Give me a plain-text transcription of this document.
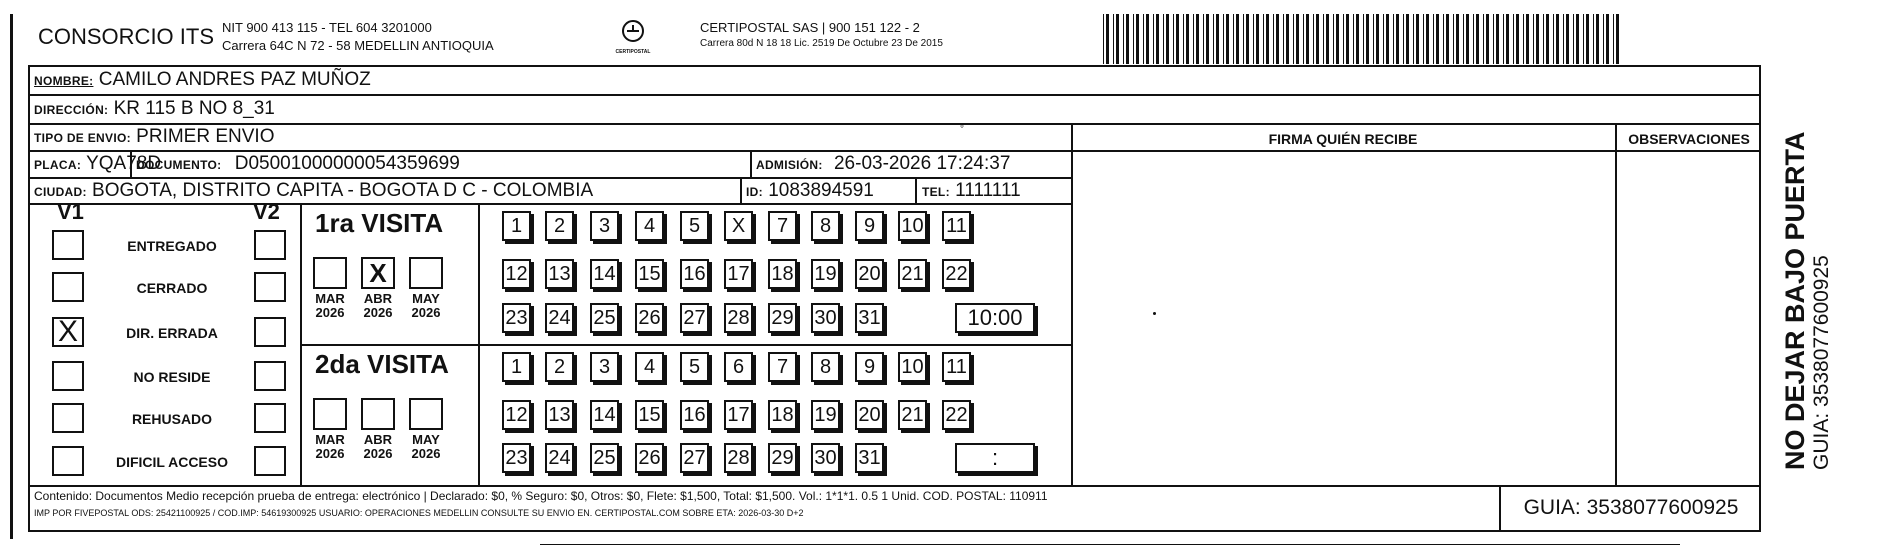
CONSORCIO ITS NIT 900 413 115 - TEL 604 3201000
Carrera 64C N 72 - 58 MEDELLIN ANTIOQUIA	CERTIPOSTAL
CERTIPOSTAL SAS | 900 151 122 - 2
Carrera 80d N 18 18 Lic. 2519 De Octubre 23 De 2015
NOMBRE: CAMILO ANDRES PAZ MUÑOZ
DIRECCIÓN: KR 115 B NO 8_31
TIPO DE ENVIO: PRIMER ENVIO
PLACA: YQA78D
DOCUMENTO: D05001000000054359699	ADMISIÓN: 26-03-2026 17:24:37
CIUDAD: BOGOTA, DISTRITO CAPITA - BOGOTA D C - COLOMBIA	ID: 1083894591	TEL: 1111111
°
FIRMA QUIÉN RECIBE	OBSERVACIONES
V1	V2
ENTREGADO
CERRADO
X	DIR. ERRADA
NO RESIDE
REHUSADO
DIFICIL ACCESO
1ra VISITA
2da VISITA
MAR
2026
X
ABR
2026
MAY
2026
MAR
2026
ABR
2026
MAY
2026
1	2	3	4	5	X	7	8	9	10 11
12 13 14 15 16 17 18 19 20 21 22
23 24 25 26 27 28 29 30 31	10:00
1	2	3	4	5	6	7	8	9	10 11
12 13 14 15 16 17 18 19 20 21 22
23 24 25 26 27 28 29 30 31	:
Contenido: Documentos Medio recepción prueba de entrega: electrónico | Declarado: $0, % Seguro: $0, Otros: $0, Flete: $1,500, Total: $1,500. Vol.: 1*1*1. 0.5 1 Unid. COD. POSTAL: 110911
IMP POR FIVEPOSTAL ODS: 25421100925 / COD.IMP: 54619300925 USUARIO: OPERACIONES MEDELLIN CONSULTE SU ENVIO EN. CERTIPOSTAL.COM SOBRE ETA: 2026-03-30 D+2	GUIA: 3538077600925
NO DEJAR BAJO PUERTA GUIA: 3538077600925
